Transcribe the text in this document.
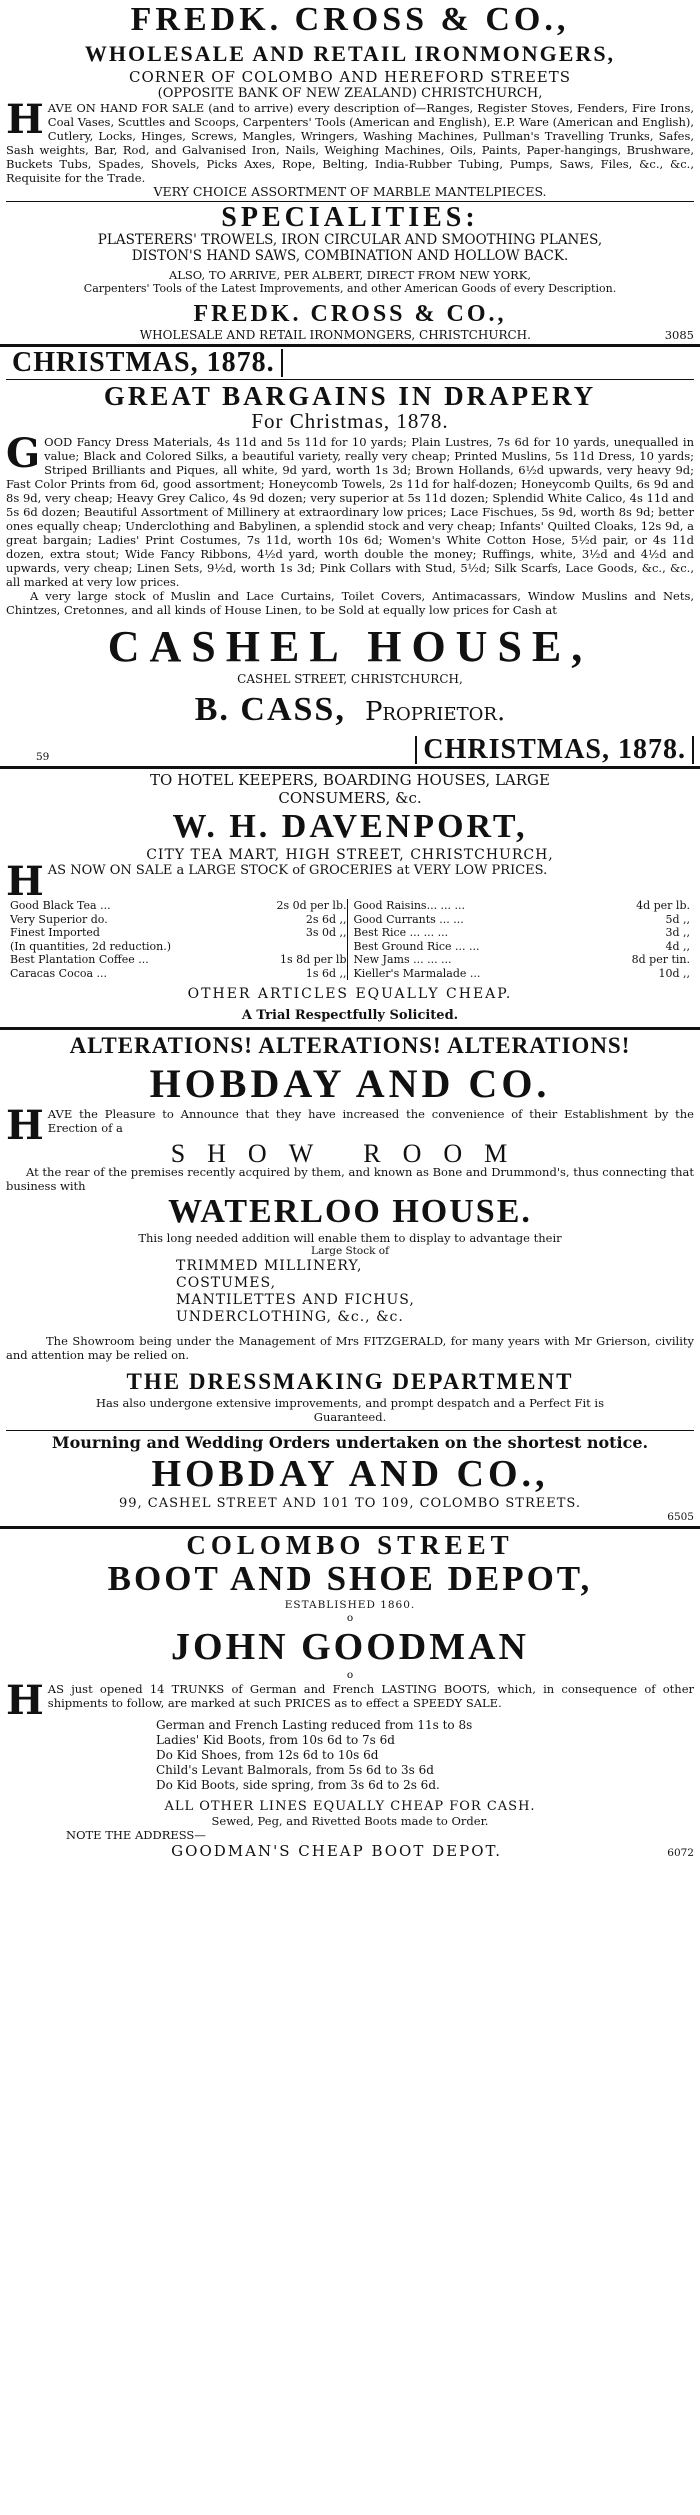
FREDK. CROSS & CO.,
WHOLESALE AND RETAIL IRONMONGERS,
CORNER OF COLOMBO AND HEREFORD STREETS
(OPPOSITE BANK OF NEW ZEALAND) CHRISTCHURCH,
H AVE ON HAND FOR SALE (and to arrive) every description of—Ranges, Register Stoves, Fenders, Fire Irons, Coal Vases, Scuttles and Scoops, Carpenters' Tools (American and English), E.P. Ware (American and English), Cutlery, Locks, Hinges, Screws, Mangles, Wringers, Washing Machines, Pullman's Travelling Trunks, Safes, Sash weights, Bar, Rod, and Galvanised Iron, Nails, Weighing Machines, Oils, Paints, Paper-hangings, Brushware, Buckets Tubs, Spades, Shovels, Picks Axes, Rope, Belting, India-Rubber Tubing, Pumps, Saws, Files, &c., &c., Requisite for the Trade.
VERY CHOICE ASSORTMENT OF MARBLE MANTELPIECES.
SPECIALITIES:
PLASTERERS' TROWELS, IRON CIRCULAR AND SMOOTHING PLANES,
DISTON'S HAND SAWS, COMBINATION AND HOLLOW BACK.
ALSO, TO ARRIVE, PER ALBERT, DIRECT FROM NEW YORK,
Carpenters' Tools of the Latest Improvements, and other American Goods of every Description.
FREDK. CROSS & CO.,
WHOLESALE AND RETAIL IRONMONGERS, CHRISTCHURCH.	3085
CHRISTMAS, 1878.
GREAT BARGAINS IN DRAPERY
For Christmas, 1878.
G OOD Fancy Dress Materials, 4s 11d and 5s 11d for 10 yards; Plain Lustres, 7s 6d for 10 yards, unequalled in value; Black and Colored Silks, a beautiful variety, really very cheap; Printed Muslins, 5s 11d Dress, 10 yards; Striped Brilliants and Piques, all white, 9d yard, worth 1s 3d; Brown Hollands, 6½d upwards, very heavy 9d; Fast Color Prints from 6d, good assortment; Honeycomb Towels, 2s 11d for half-dozen; Honeycomb Quilts, 6s 9d and 8s 9d, very cheap; Heavy Grey Calico, 4s 9d dozen; very superior at 5s 11d dozen; Splendid White Calico, 4s 11d and 5s 6d dozen; Beautiful Assortment of Millinery at extraordinary low prices; Lace Fischues, 5s 9d, worth 8s 9d; better ones equally cheap; Underclothing and Babylinen, a splendid stock and very cheap; Infants' Quilted Cloaks, 12s 9d, a great bargain; Ladies' Print Costumes, 7s 11d, worth 10s 6d; Women's White Cotton Hose, 5½d pair, or 4s 11d dozen, extra stout; Wide Fancy Ribbons, 4½d yard, worth double the money; Ruffings, white, 3½d and 4½d and upwards, very cheap; Linen Sets, 9½d, worth 1s 3d; Pink Collars with Stud, 5½d; Silk Scarfs, Lace Goods, &c., &c., all marked at very low prices.
A very large stock of Muslin and Lace Curtains, Toilet Covers, Antimacassars, Window Muslins and Nets, Chintzes, Cretonnes, and all kinds of House Linen, to be Sold at equally low prices for Cash at
CASHEL HOUSE,
CASHEL STREET, CHRISTCHURCH,
B. CASS, Proprietor.
59	CHRISTMAS, 1878.
TO HOTEL KEEPERS, BOARDING HOUSES, LARGE
CONSUMERS, &c.
W. H. DAVENPORT,
CITY TEA MART, HIGH STREET, CHRISTCHURCH,
H AS NOW ON SALE a LARGE STOCK of GROCERIES at VERY LOW PRICES.
Good Black Tea ...	2s 0d per lb.
Very Superior do.	2s 6d ,,
Finest Imported	3s 0d ,,
(In quantities, 2d reduction.)
Best Plantation Coffee ...	1s 8d per lb
Caracas Cocoa ...	1s 6d ,,
Good Raisins... ... ...	4d per lb.
Good Currants ... ...	5d ,,
Best Rice ... ... ...	3d ,,
Best Ground Rice ... ...	4d ,,
New Jams ... ... ...	8d per tin.
Kieller's Marmalade ...	10d ,,
OTHER ARTICLES EQUALLY CHEAP.
A Trial Respectfully Solicited.
ALTERATIONS! ALTERATIONS! ALTERATIONS!
HOBDAY AND CO.
H AVE the Pleasure to Announce that they have increased the convenience of their Establishment by the Erection of a
SHOW ROOM
At the rear of the premises recently acquired by them, and known as Bone and Drummond's, thus connecting that business with
WATERLOO HOUSE.
This long needed addition will enable them to display to advantage their
Large Stock of
TRIMMED MILLINERY,
COSTUMES,
MANTILETTES AND FICHUS,
UNDERCLOTHING, &c., &c.
The Showroom being under the Management of Mrs FITZGERALD, for many years with Mr Grierson, civility and attention may be relied on.
THE DRESSMAKING DEPARTMENT
Has also undergone extensive improvements, and prompt despatch and a Perfect Fit is Guaranteed.
Mourning and Wedding Orders undertaken on the shortest notice.
HOBDAY AND CO.,
99, CASHEL STREET AND 101 TO 109, COLOMBO STREETS.
6505
COLOMBO STREET
BOOT AND SHOE DEPOT,
ESTABLISHED 1860.
o
JOHN GOODMAN
o
H AS just opened 14 TRUNKS of German and French LASTING BOOTS, which, in consequence of other shipments to follow, are marked at such PRICES as to effect a SPEEDY SALE.
German and French Lasting reduced from 11s to 8s
Ladies' Kid Boots, from 10s 6d to 7s 6d
Do Kid Shoes, from 12s 6d to 10s 6d
Child's Levant Balmorals, from 5s 6d to 3s 6d
Do Kid Boots, side spring, from 3s 6d to 2s 6d.
ALL OTHER LINES EQUALLY CHEAP FOR CASH.
Sewed, Peg, and Rivetted Boots made to Order.
NOTE THE ADDRESS—
GOODMAN'S CHEAP BOOT DEPOT.	6072
